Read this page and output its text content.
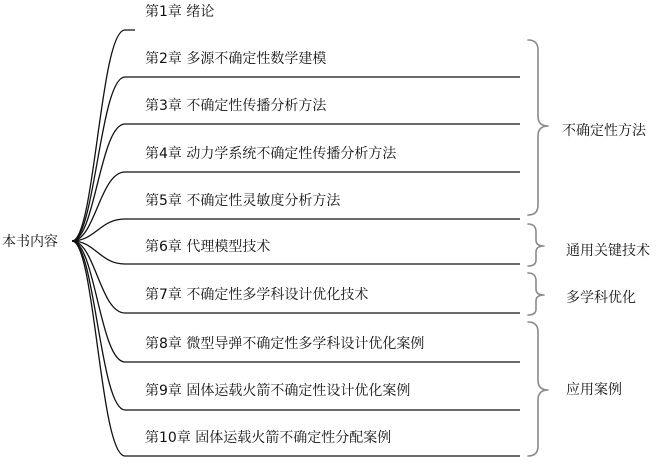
本书内容
第1章 绪论
第2章 多源不确定性数学建模
第3章 不确定性传播分析方法
第4章 动力学系统不确定性传播分析方法
第5章 不确定性灵敏度分析方法
第6章 代理模型技术
第7章 不确定性多学科设计优化技术
第8章 微型导弹不确定性多学科设计优化案例
第9章 固体运载火箭不确定性设计优化案例
第10章 固体运载火箭不确定性分配案例
不确定性方法
通用关键技术
多学科优化
应用案例
